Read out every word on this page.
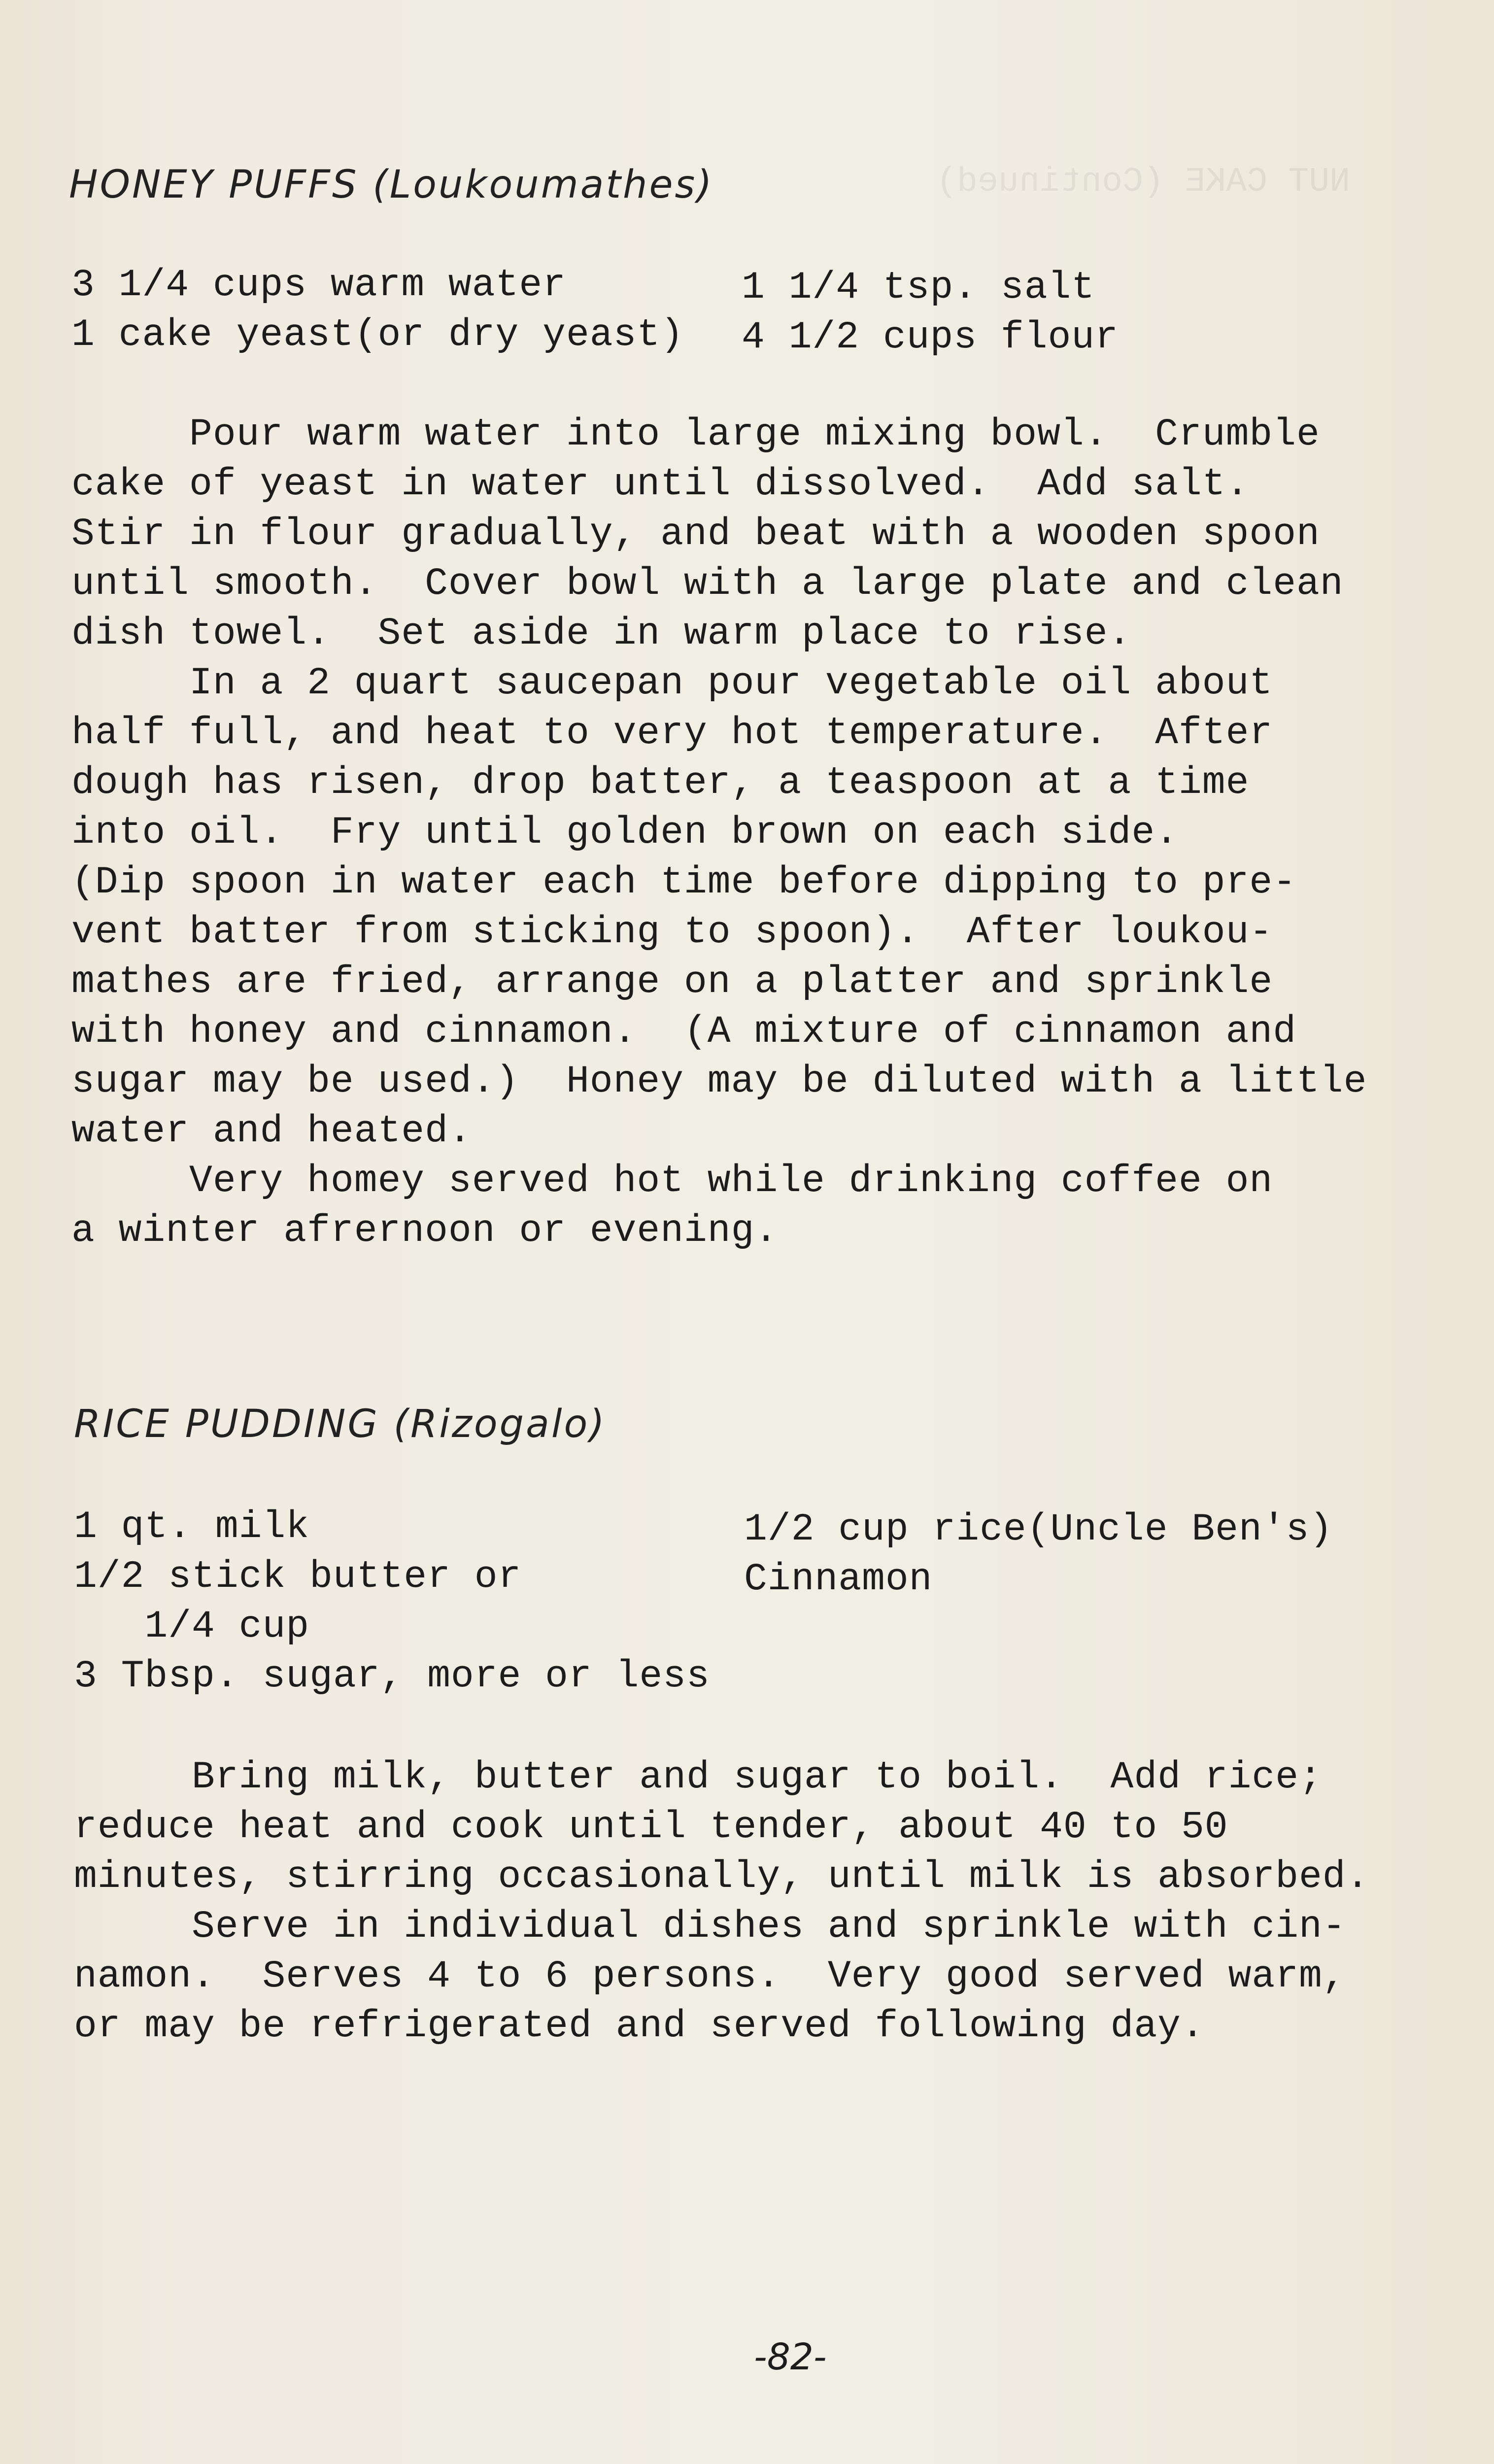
NUT CAKE (Continued)
HONEY PUFFS (Loukoumathes)
3 1/4 cups warm water	1 1/4 tsp. salt
1 cake yeast(or dry yeast) 4 1/2 cups flour
Pour warm water into large mixing bowl.  Crumble
cake of yeast in water until dissolved.  Add salt.
Stir in flour gradually, and beat with a wooden spoon
until smooth.  Cover bowl with a large plate and clean
dish towel.  Set aside in warm place to rise.
In a 2 quart saucepan pour vegetable oil about
half full, and heat to very hot temperature.  After
dough has risen, drop batter, a teaspoon at a time
into oil.  Fry until golden brown on each side.
(Dip spoon in water each time before dipping to pre-
vent batter from sticking to spoon).  After loukou-
mathes are fried, arrange on a platter and sprinkle
with honey and cinnamon.  (A mixture of cinnamon and
sugar may be used.)  Honey may be diluted with a little
water and heated.
Very homey served hot while drinking coffee on
a winter afrernoon or evening.
RICE PUDDING (Rizogalo)
1 qt. milk	1/2 cup rice(Uncle Ben's)
1/2 stick butter or	Cinnamon
1/4 cup
3 Tbsp. sugar, more or less
Bring milk, butter and sugar to boil.  Add rice;
reduce heat and cook until tender, about 40 to 50
minutes, stirring occasionally, until milk is absorbed.
Serve in individual dishes and sprinkle with cin-
namon.  Serves 4 to 6 persons.  Very good served warm,
or may be refrigerated and served following day.
-82-
